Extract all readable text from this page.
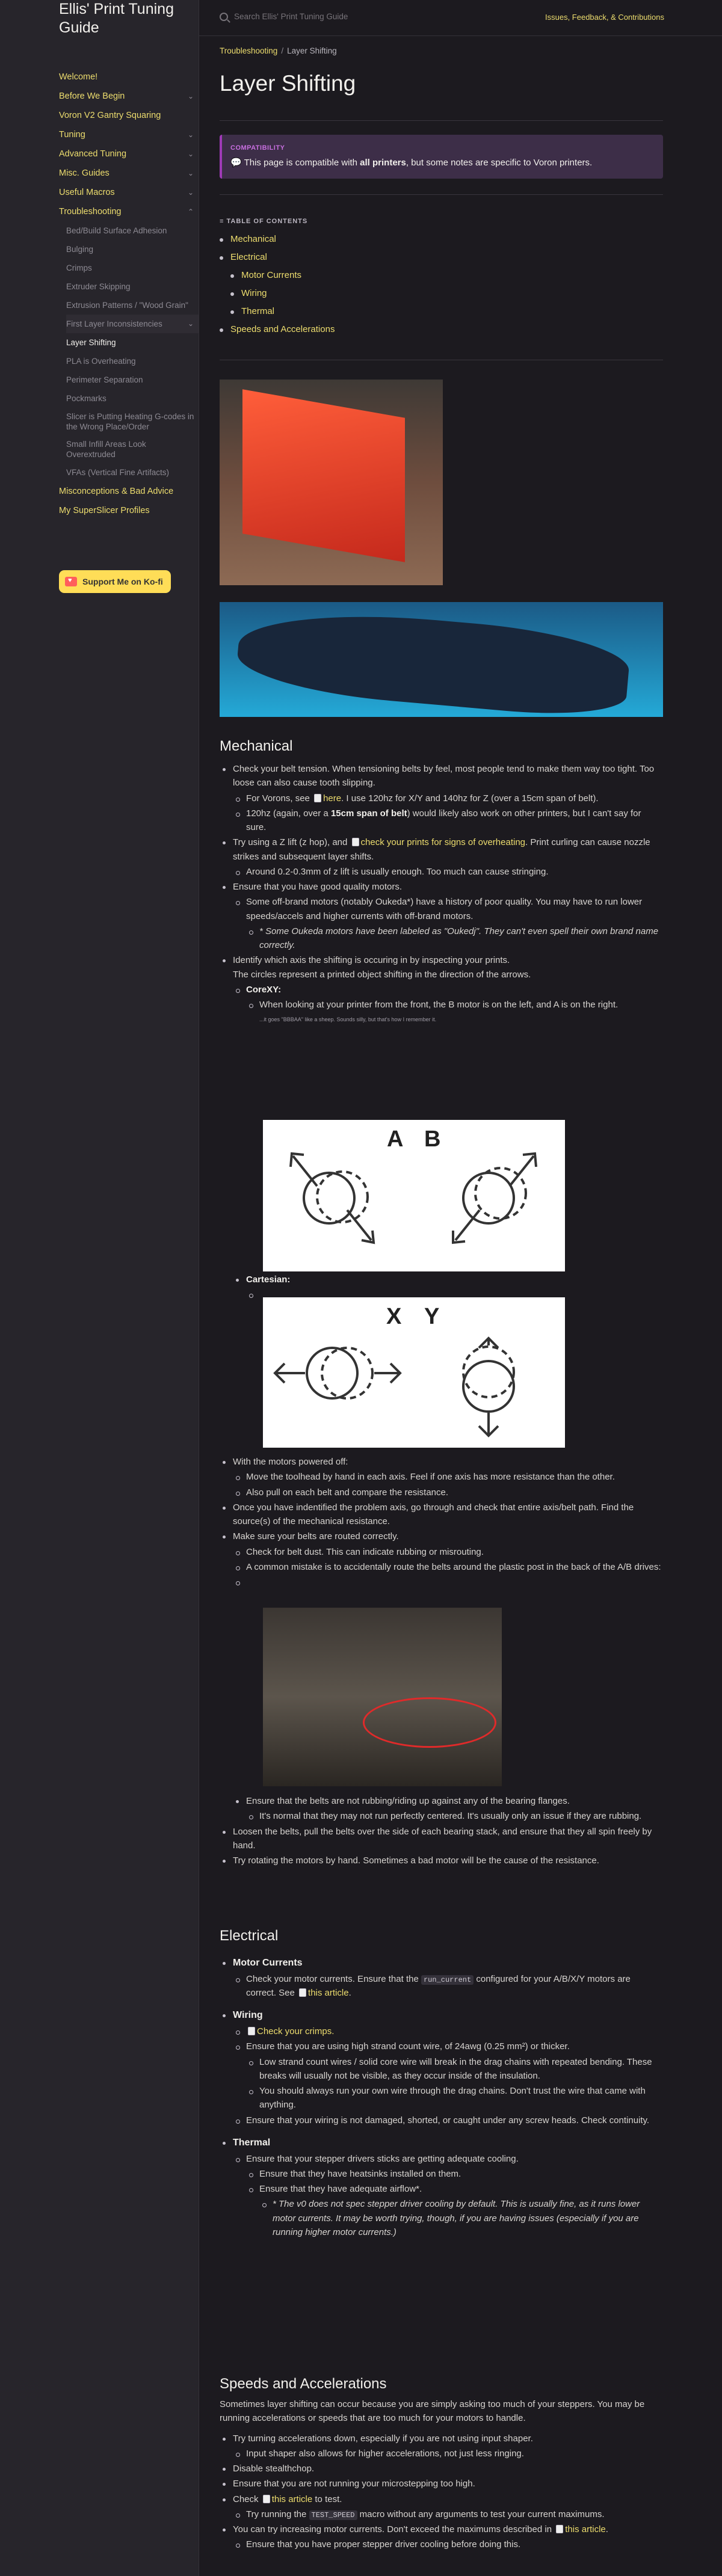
Ellis' Print Tuning Guide
Welcome!
Before We Begin	⌄
Voron V2 Gantry Squaring
Tuning	⌄
Advanced Tuning	⌄
Misc. Guides	⌄
Useful Macros	⌄
Troubleshooting	⌃
Bed/Build Surface Adhesion
Bulging
Crimps
Extruder Skipping
Extrusion Patterns / "Wood Grain"
First Layer Inconsistencies	⌄
Layer Shifting
PLA is Overheating
Perimeter Separation
Pockmarks
Slicer is Putting Heating G-codes in the Wrong Place/Order
Small Infill Areas Look Overextruded
VFAs (Vertical Fine Artifacts)
Misconceptions & Bad Advice
My SuperSlicer Profiles
♥
Support Me on Ko-fi
Search Ellis' Print Tuning Guide	Issues, Feedback, & Contributions
Troubleshooting / Layer Shifting
Layer Shifting
COMPATIBILITY
💬 This page is compatible with all printers, but some notes are specific to Voron printers.
≡ TABLE OF CONTENTS
Mechanical
Electrical
Motor Currents
Wiring
Thermal
Speeds and Accelerations
Mechanical
Check your belt tension. When tensioning belts by feel, most people tend to make them way too tight. Too loose can also cause tooth slipping.
For Vorons, see here. I use 120hz for X/Y and 140hz for Z (over a 15cm span of belt).
120hz (again, over a 15cm span of belt) would likely also work on other printers, but I can't say for sure.
Try using a Z lift (z hop), and check your prints for signs of overheating. Print curling can cause nozzle strikes and subsequent layer shifts.
Around 0.2-0.3mm of z lift is usually enough. Too much can cause stringing.
Ensure that you have good quality motors.
Some off-brand motors (notably Oukeda*) have a history of poor quality. You may have to run lower speeds/accels and higher currents with off-brand motors.
* Some Oukeda motors have been labeled as "Oukedj". They can't even spell their own brand name correctly.
Identify which axis the shifting is occuring in by inspecting your prints.
The circles represent a printed object shifting in the direction of the arrows.
CoreXY:
When looking at your printer from the front, the B motor is on the left, and A is on the right.
...it goes "BBBAA" like a sheep. Sounds silly, but that's how I remember it.
A B
Cartesian:

X Y
With the motors powered off:
Move the toolhead by hand in each axis. Feel if one axis has more resistance than the other.
Also pull on each belt and compare the resistance.
Once you have indentified the problem axis, go through and check that entire axis/belt path. Find the source(s) of the mechanical resistance.
Make sure your belts are routed correctly.
Check for belt dust. This can indicate rubbing or misrouting.
A common mistake is to accidentally route the belts around the plastic post in the back of the A/B drives:

Ensure that the belts are not rubbing/riding up against any of the bearing flanges.
It's normal that they may not run perfectly centered. It's usually only an issue if they are rubbing.
Loosen the belts, pull the belts over the side of each bearing stack, and ensure that they all spin freely by hand.
Try rotating the motors by hand. Sometimes a bad motor will be the cause of the resistance.
Electrical
Motor Currents
Check your motor currents. Ensure that the run_current configured for your A/B/X/Y motors are correct. See this article.
Wiring
Check your crimps.
Ensure that you are using high strand count wire, of 24awg (0.25 mm²) or thicker.
Low strand count wires / solid core wire will break in the drag chains with repeated bending. These breaks will usually not be visible, as they occur inside of the insulation.
You should always run your own wire through the drag chains. Don't trust the wire that came with anything.
Ensure that your wiring is not damaged, shorted, or caught under any screw heads. Check continuity.
Thermal
Ensure that your stepper drivers sticks are getting adequate cooling.
Ensure that they have heatsinks installed on them.
Ensure that they have adequate airflow*.
* The v0 does not spec stepper driver cooling by default. This is usually fine, as it runs lower motor currents. It may be worth trying, though, if you are having issues (especially if you are running higher motor currents.)
Speeds and Accelerations

Sometimes layer shifting can occur because you are simply asking too much of your steppers. You may be running accelerations or speeds that are too much for your motors to handle.

Try turning accelerations down, especially if you are not using input shaper.
Input shaper also allows for higher accelerations, not just less ringing.
Disable stealthchop.
Ensure that you are not running your microstepping too high.
Check this article to test.
Try running the TEST_SPEED macro without any arguments to test your current maximums.
You can try increasing motor currents. Don't exceed the maximums described in this article.
Ensure that you have proper stepper driver cooling before doing this.
